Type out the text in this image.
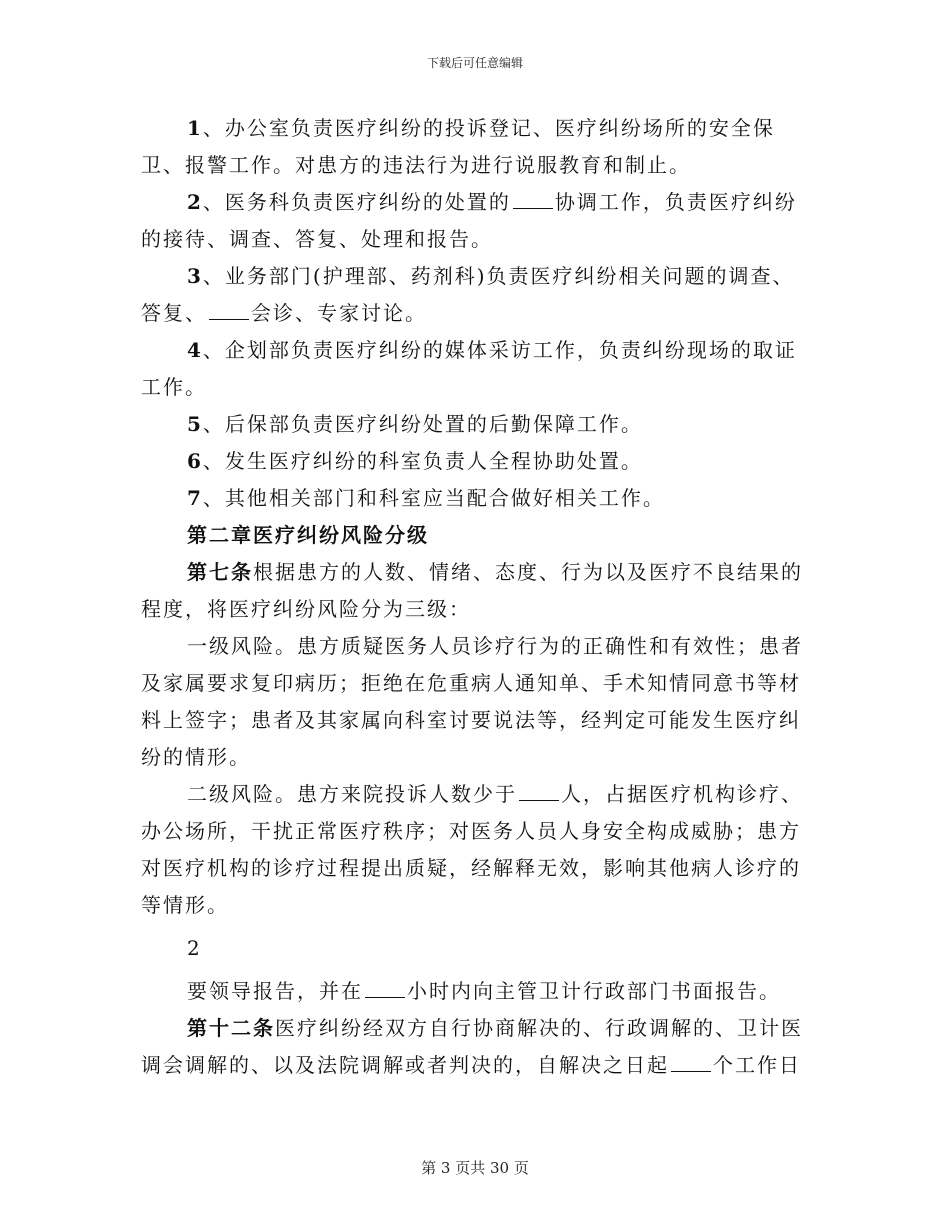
下载后可任意编辑

1、办公室负责医疗纠纷的投诉登记、医疗纠纷场所的安全保卫、报警工作。对患方的违法行为进行说服教育和制止。

2、医务科负责医疗纠纷的处置的 协调工作，负责医疗纠纷的接待、调查、答复、处理和报告。

3、业务部门(护理部、药剂科)负责医疗纠纷相关问题的调查、答复、 会诊、专家讨论。

4、企划部负责医疗纠纷的媒体采访工作，负责纠纷现场的取证工作。

5、后保部负责医疗纠纷处置的后勤保障工作。

6、发生医疗纠纷的科室负责人全程协助处置。

7、其他相关部门和科室应当配合做好相关工作。

第二章医疗纠纷风险分级

第七条根据患方的人数、情绪、态度、行为以及医疗不良结果的程度，将医疗纠纷风险分为三级：

一级风险。患方质疑医务人员诊疗行为的正确性和有效性；患者及家属要求复印病历；拒绝在危重病人通知单、手术知情同意书等材料上签字；患者及其家属向科室讨要说法等，经判定可能发生医疗纠纷的情形。

二级风险。患方来院投诉人数少于 人，占据医疗机构诊疗、办公场所，干扰正常医疗秩序；对医务人员人身安全构成威胁；患方对医疗机构的诊疗过程提出质疑，经解释无效，影响其他病人诊疗的等情形。

2

要领导报告，并在 小时内向主管卫计行政部门书面报告。

第十二条医疗纠纷经双方自行协商解决的、行政调解的、卫计医调会调解的、以及法院调解或者判决的，自解决之日起 个工作日

第 3 页共 30 页
